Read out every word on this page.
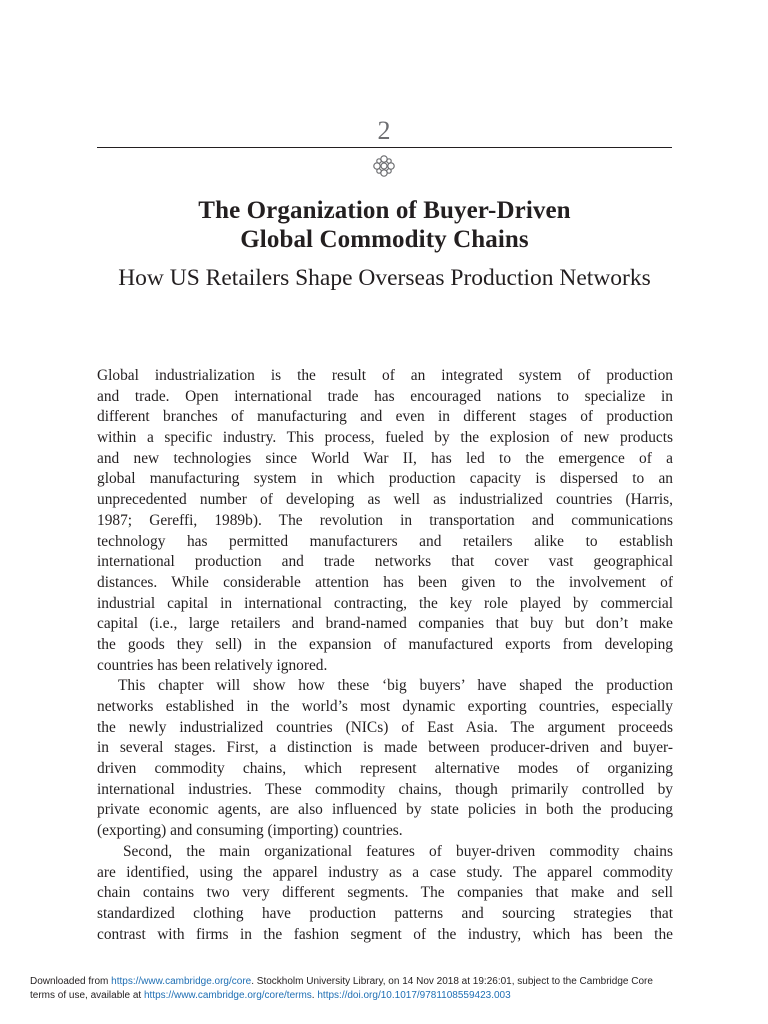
2
The Organization of Buyer-Driven
Global Commodity Chains
How US Retailers Shape Overseas Production Networks
Global industrialization is the result of an integrated system of production
and trade. Open international trade has encouraged nations to specialize in
different branches of manufacturing and even in different stages of production
within a specific industry. This process, fueled by the explosion of new products
and new technologies since World War II, has led to the emergence of a
global manufacturing system in which production capacity is dispersed to an
unprecedented number of developing as well as industrialized countries (Harris,
1987; Gereffi, 1989b). The revolution in transportation and communications
technology has permitted manufacturers and retailers alike to establish
international production and trade networks that cover vast geographical
distances. While considerable attention has been given to the involvement of
industrial capital in international contracting, the key role played by commercial
capital (i.e., large retailers and brand-named companies that buy but don’t make
the goods they sell) in the expansion of manufactured exports from developing
countries has been relatively ignored.
This chapter will show how these ‘big buyers’ have shaped the production
networks established in the world’s most dynamic exporting countries, especially
the newly industrialized countries (NICs) of East Asia. The argument proceeds
in several stages. First, a distinction is made between producer-driven and buyer-
driven commodity chains, which represent alternative modes of organizing
international industries. These commodity chains, though primarily controlled by
private economic agents, are also influenced by state policies in both the producing
(exporting) and consuming (importing) countries.
Second, the main organizational features of buyer-driven commodity chains
are identified, using the apparel industry as a case study. The apparel commodity
chain contains two very different segments. The companies that make and sell
standardized clothing have production patterns and sourcing strategies that
contrast with firms in the fashion segment of the industry, which has been the
Downloaded from https://www.cambridge.org/core. Stockholm University Library, on 14 Nov 2018 at 19:26:01, subject to the Cambridge Core
terms of use, available at https://www.cambridge.org/core/terms. https://doi.org/10.1017/9781108559423.003
